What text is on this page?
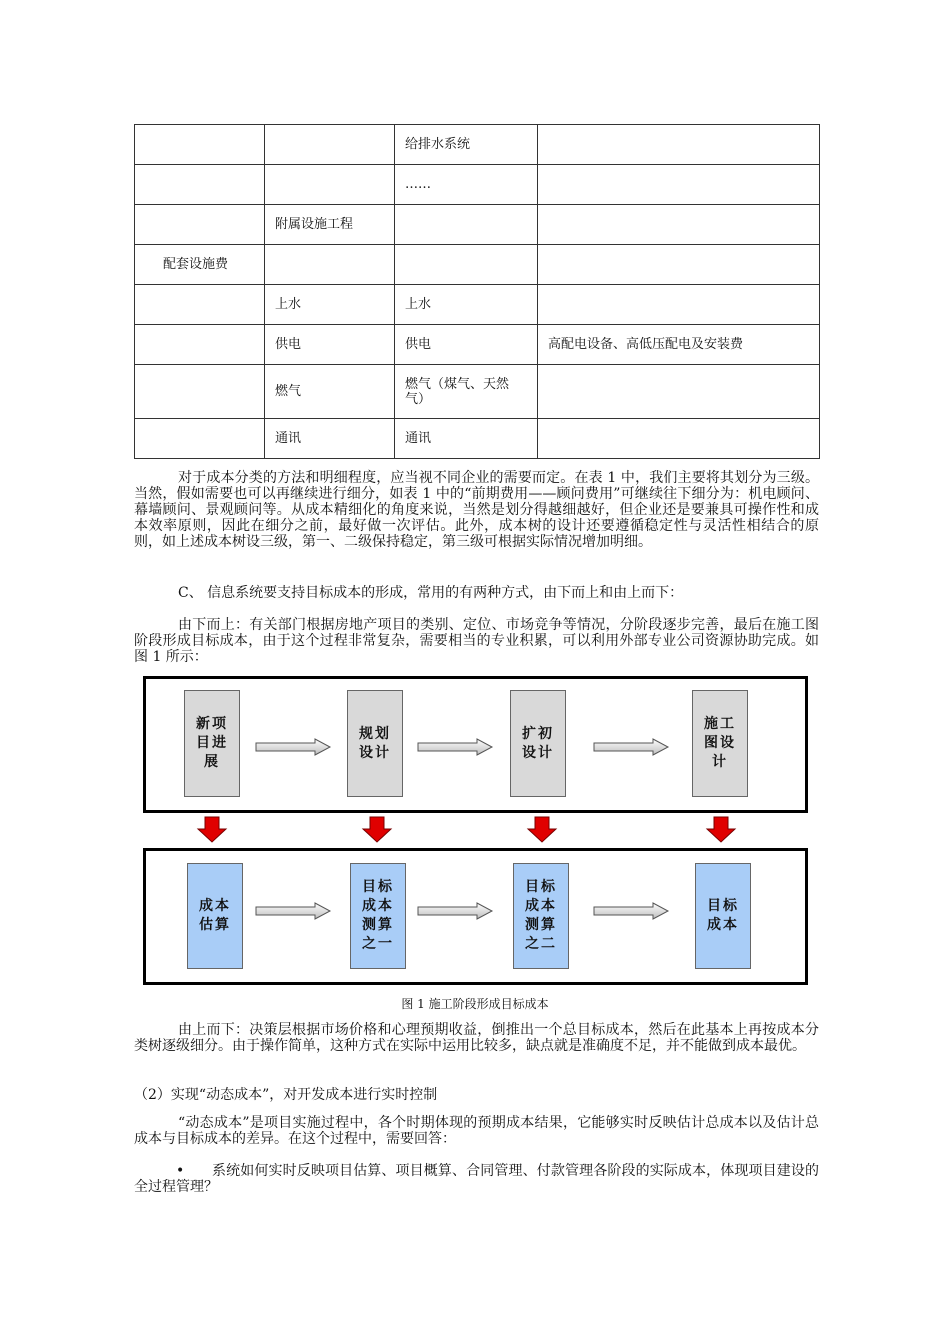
		给排水系统	
		……	
	附属设施工程		
配套设施费			
	上水	上水	
	供电	供电	高配电设备、高低压配电及安装费
	燃气	燃气（煤气、天然气）	
	通讯	通讯	

对于成本分类的方法和明细程度，应当视不同企业的需要而定。在表 1 中，我们主要将其划分为三级。当然，假如需要也可以再继续进行细分，如表 1 中的“前期费用——顾问费用”可继续往下细分为：机电顾问、幕墙顾问、景观顾问等。从成本精细化的角度来说，当然是划分得越细越好，但企业还是要兼具可操作性和成本效率原则，因此在细分之前，最好做一次评估。此外，成本树的设计还要遵循稳定性与灵活性相结合的原则，如上述成本树设三级，第一、二级保持稳定，第三级可根据实际情况增加明细。

C、 信息系统要支持目标成本的形成，常用的有两种方式，由下而上和由上而下：

由下而上：有关部门根据房地产项目的类别、定位、市场竞争等情况，分阶段逐步完善，最后在施工图阶段形成目标成本，由于这个过程非常复杂，需要相当的专业积累，可以利用外部专业公司资源协助完成。如图 1 所示：

新项
目进
展
规划
设计
扩初
设计
施工
图设
计
成本
估算
目标
成本
测算
之一
目标
成本
测算
之二
目标
成本
图 1 施工阶段形成目标成本

由上而下：决策层根据市场价格和心理预期收益，倒推出一个总目标成本，然后在此基本上再按成本分类树逐级细分。由于操作简单，这种方式在实际中运用比较多，缺点就是准确度不足，并不能做到成本最优。

（2）实现“动态成本”，对开发成本进行实时控制

“动态成本”是项目实施过程中，各个时期体现的预期成本结果，它能够实时反映估计总成本以及估计总成本与目标成本的差异。在这个过程中，需要回答：

•	系统如何实时反映项目估算、项目概算、合同管理、付款管理各阶段的实际成本，体现项目建设的全过程管理？
